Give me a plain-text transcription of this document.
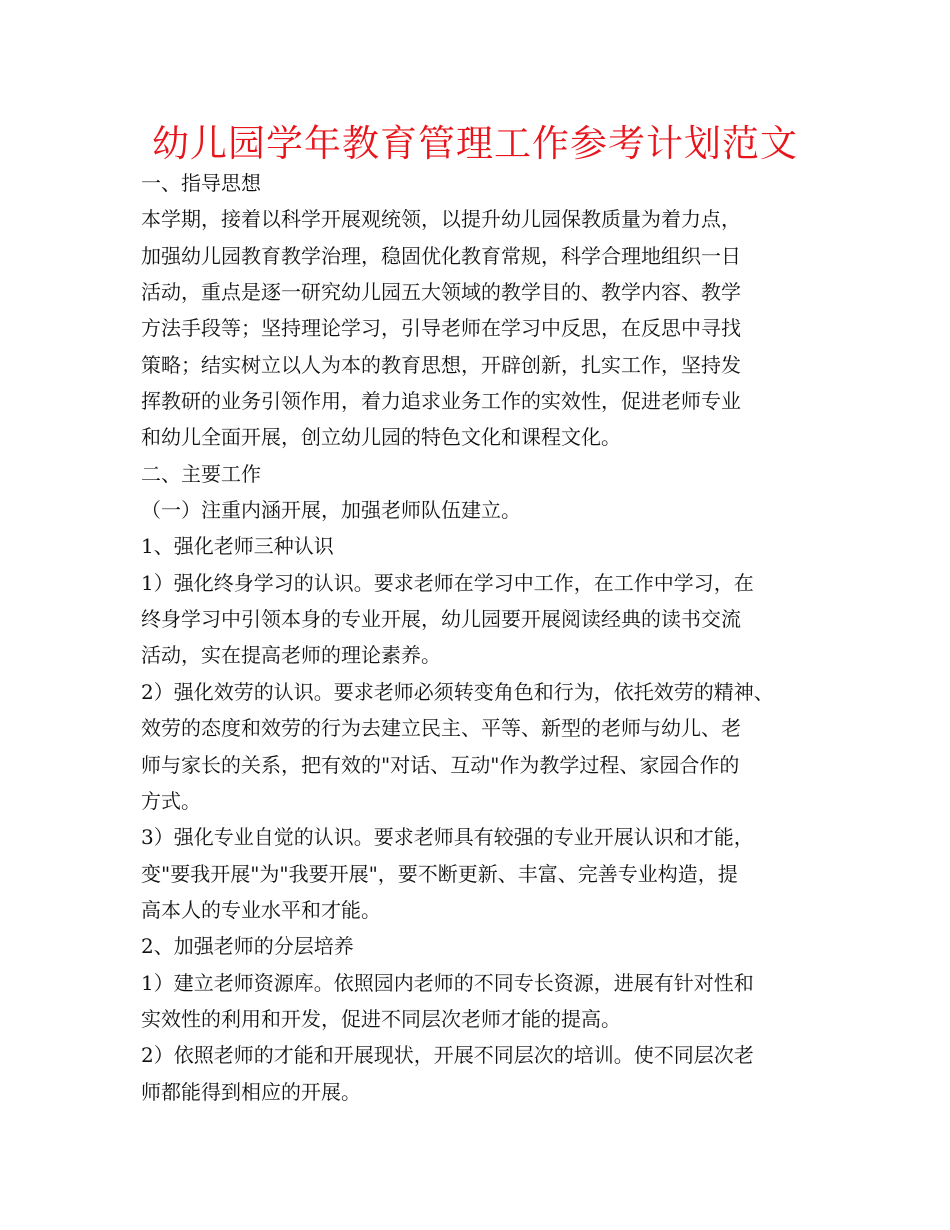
幼儿园学年教育管理工作参考计划范文
一、指导思想
本学期，接着以科学开展观统领，以提升幼儿园保教质量为着力点，
加强幼儿园教育教学治理，稳固优化教育常规，科学合理地组织一日
活动，重点是逐一研究幼儿园五大领域的教学目的、教学内容、教学
方法手段等；坚持理论学习，引导老师在学习中反思，在反思中寻找
策略；结实树立以人为本的教育思想，开辟创新，扎实工作，坚持发
挥教研的业务引领作用，着力追求业务工作的实效性，促进老师专业
和幼儿全面开展，创立幼儿园的特色文化和课程文化。
二、主要工作
（一）注重内涵开展，加强老师队伍建立。
1、强化老师三种认识
1）强化终身学习的认识。要求老师在学习中工作，在工作中学习，在
终身学习中引领本身的专业开展，幼儿园要开展阅读经典的读书交流
活动，实在提高老师的理论素养。
2）强化效劳的认识。要求老师必须转变角色和行为，依托效劳的精神、
效劳的态度和效劳的行为去建立民主、平等、新型的老师与幼儿、老
师与家长的关系，把有效的"对话、互动"作为教学过程、家园合作的
方式。
3）强化专业自觉的认识。要求老师具有较强的专业开展认识和才能，
变"要我开展"为"我要开展"，要不断更新、丰富、完善专业构造，提
高本人的专业水平和才能。
2、加强老师的分层培养
1）建立老师资源库。依照园内老师的不同专长资源，进展有针对性和
实效性的利用和开发，促进不同层次老师才能的提高。
2）依照老师的才能和开展现状，开展不同层次的培训。使不同层次老
师都能得到相应的开展。
